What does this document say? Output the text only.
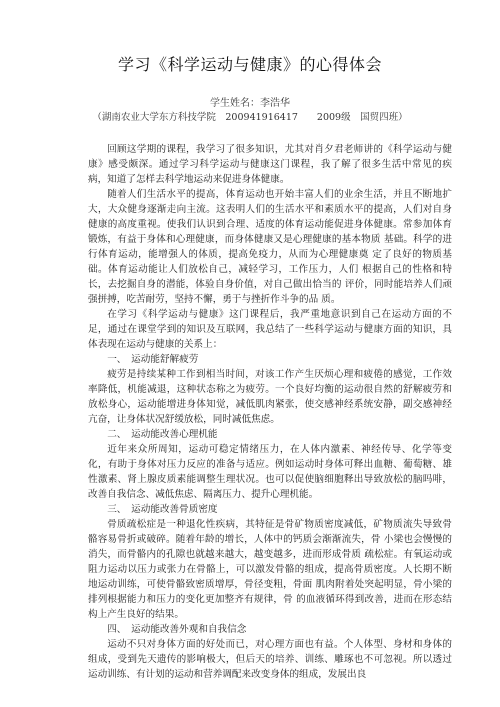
学习《科学运动与健康》的心得体会
学生姓名：李浩华
（湖南农业大学东方科技学院　200941916417　　2009级　国贸四班）

回顾这学期的课程，我学习了很多知识，尤其对肖夕君老师讲的《科学运动与健康》感受颇深。通过学习科学运动与健康这门课程，我了解了很多生活中常见的疾病，知道了怎样去科学地运动来促进身体健康。

随着人们生活水平的提高，体育运动也开始丰富人们的业余生活，并且不断地扩大，大众健身逐渐走向主流。这表明人们的生活水平和素质水平的提高，人们对自身健康的高度重视。使我们认识到合理、适度的体育运动能促进身体健康。常参加体育锻炼，有益于身体和心理健康，而身体健康又是心理健康的基本物质 基础。科学的进行体育运动，能增强人的体质，提高免疫力，从而为心理健康奠 定了良好的物质基础。体育运动能让人们放松自己，减轻学习，工作压力，人们 根据自己的性格和特长，去挖掘自身的潜能，体验自身价值，对自己做出恰当的 评价，同时能培养人们顽强拼搏，吃苦耐劳，坚持不懈，勇于与挫折作斗争的品 质。

在学习《科学运动与健康》这门课程后，我严重地意识到自己在运动方面的不足，通过在课堂学到的知识及互联网，我总结了一些科学运动与健康方面的知识，具体表现在运动与健康的关系上：

一、　运动能舒解疲劳

疲劳是持续某种工作到相当时间，对该工作产生厌烦心理和疲倦的感觉，工作效率降低，机能减退，这种状态称之为疲劳。一个良好均衡的运动很自然的舒解疲劳和放松身心，运动能增进身体知觉，减低肌肉紧张，使交感神经系统安静，副交感神经亢奋，让身体状况舒缓放松，同时减低焦虑。

二、　运动能改善心理机能

近年来众所周知，运动可稳定情绪压力，在人体内激素、神经传导、化学等变化，有助于身体对压力反应的准备与适应。例如运动时身体可释出血糖、葡萄糖、雄性激素、肾上腺皮质素能调整生理状况。也可以促使脑细胞释出导致放松的脑吗啡，改善自我信念、减低焦虑、隔离压力、提升心理机能。

三、　运动能改善骨质密度

骨质疏松症是一种退化性疾病，其特征是骨矿物质密度减低，矿物质流失导致骨骼容易骨折或破碎。随着年龄的增长，人体中的钙质会渐渐流失，骨 小梁也会慢慢的消失，而骨骼内的孔隙也就越来越大，越变越多，进而形成骨质 疏松症。有氧运动或阻力运动以压力或张力在骨骼上，可以激发骨骼的组成，提高骨质密度。人长期不断地运动训练，可使骨骼致密质增厚，骨径变粗，骨面 肌肉附着处突起明显，骨小梁的排列根据能力和压力的变化更加整齐有规律，骨 的血液循环得到改善，进而在形态结构上产生良好的结果。

四、　运动能改善外观和自我信念

运动不只对身体方面的好处而已，对心理方面也有益。个人体型、身材和身体的组成，受到先天遗传的影响极大，但后天的培养、训练、雕琢也不可忽视。所以透过运动训练、有计划的运动和营养调配来改变身体的组成，发展出良
